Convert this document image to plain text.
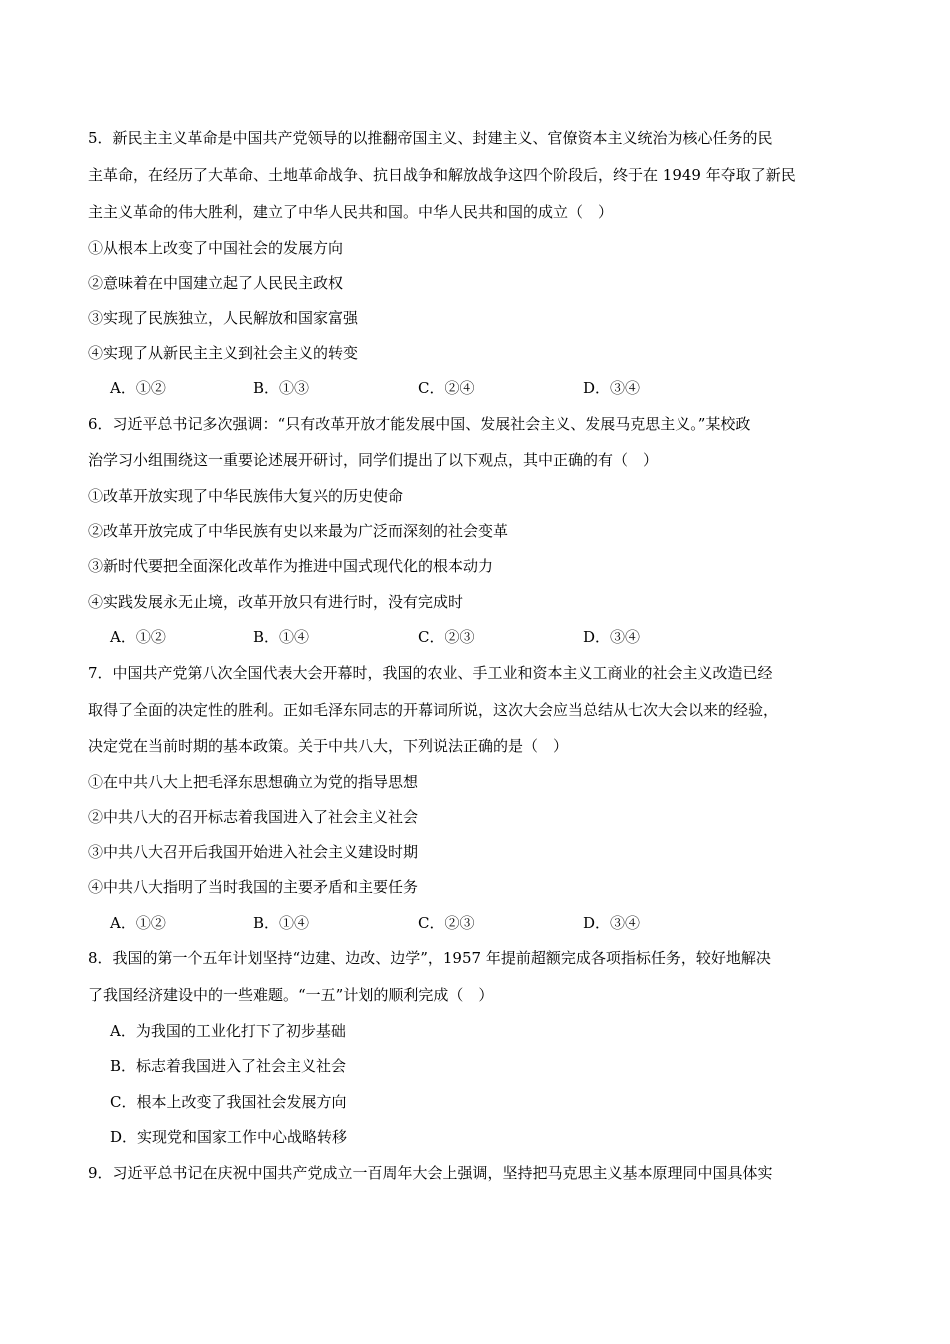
5．新民主主义革命是中国共产党领导的以推翻帝国主义、封建主义、官僚资本主义统治为核心任务的民
主革命，在经历了大革命、土地革命战争、抗日战争和解放战争这四个阶段后，终于在 1949 年夺取了新民
主主义革命的伟大胜利，建立了中华人民共和国。中华人民共和国的成立（　）
①从根本上改变了中国社会的发展方向
②意味着在中国建立起了人民民主政权
③实现了民族独立，人民解放和国家富强
④实现了从新民主主义到社会主义的转变
A．①②	B．①③	C．②④	D．③④
6．习近平总书记多次强调：“只有改革开放才能发展中国、发展社会主义、发展马克思主义。”某校政
治学习小组围绕这一重要论述展开研讨，同学们提出了以下观点，其中正确的有（　）
①改革开放实现了中华民族伟大复兴的历史使命
②改革开放完成了中华民族有史以来最为广泛而深刻的社会变革
③新时代要把全面深化改革作为推进中国式现代化的根本动力
④实践发展永无止境，改革开放只有进行时，没有完成时
A．①②	B．①④	C．②③	D．③④
7．中国共产党第八次全国代表大会开幕时，我国的农业、手工业和资本主义工商业的社会主义改造已经
取得了全面的决定性的胜利。正如毛泽东同志的开幕词所说，这次大会应当总结从七次大会以来的经验，
决定党在当前时期的基本政策。关于中共八大，下列说法正确的是（　）
①在中共八大上把毛泽东思想确立为党的指导思想
②中共八大的召开标志着我国进入了社会主义社会
③中共八大召开后我国开始进入社会主义建设时期
④中共八大指明了当时我国的主要矛盾和主要任务
A．①②	B．①④	C．②③	D．③④
8．我国的第一个五年计划坚持“边建、边改、边学”，1957 年提前超额完成各项指标任务，较好地解决
了我国经济建设中的一些难题。“一五”计划的顺利完成（　）
A．为我国的工业化打下了初步基础
B．标志着我国进入了社会主义社会
C．根本上改变了我国社会发展方向
D．实现党和国家工作中心战略转移
9．习近平总书记在庆祝中国共产党成立一百周年大会上强调，坚持把马克思主义基本原理同中国具体实
